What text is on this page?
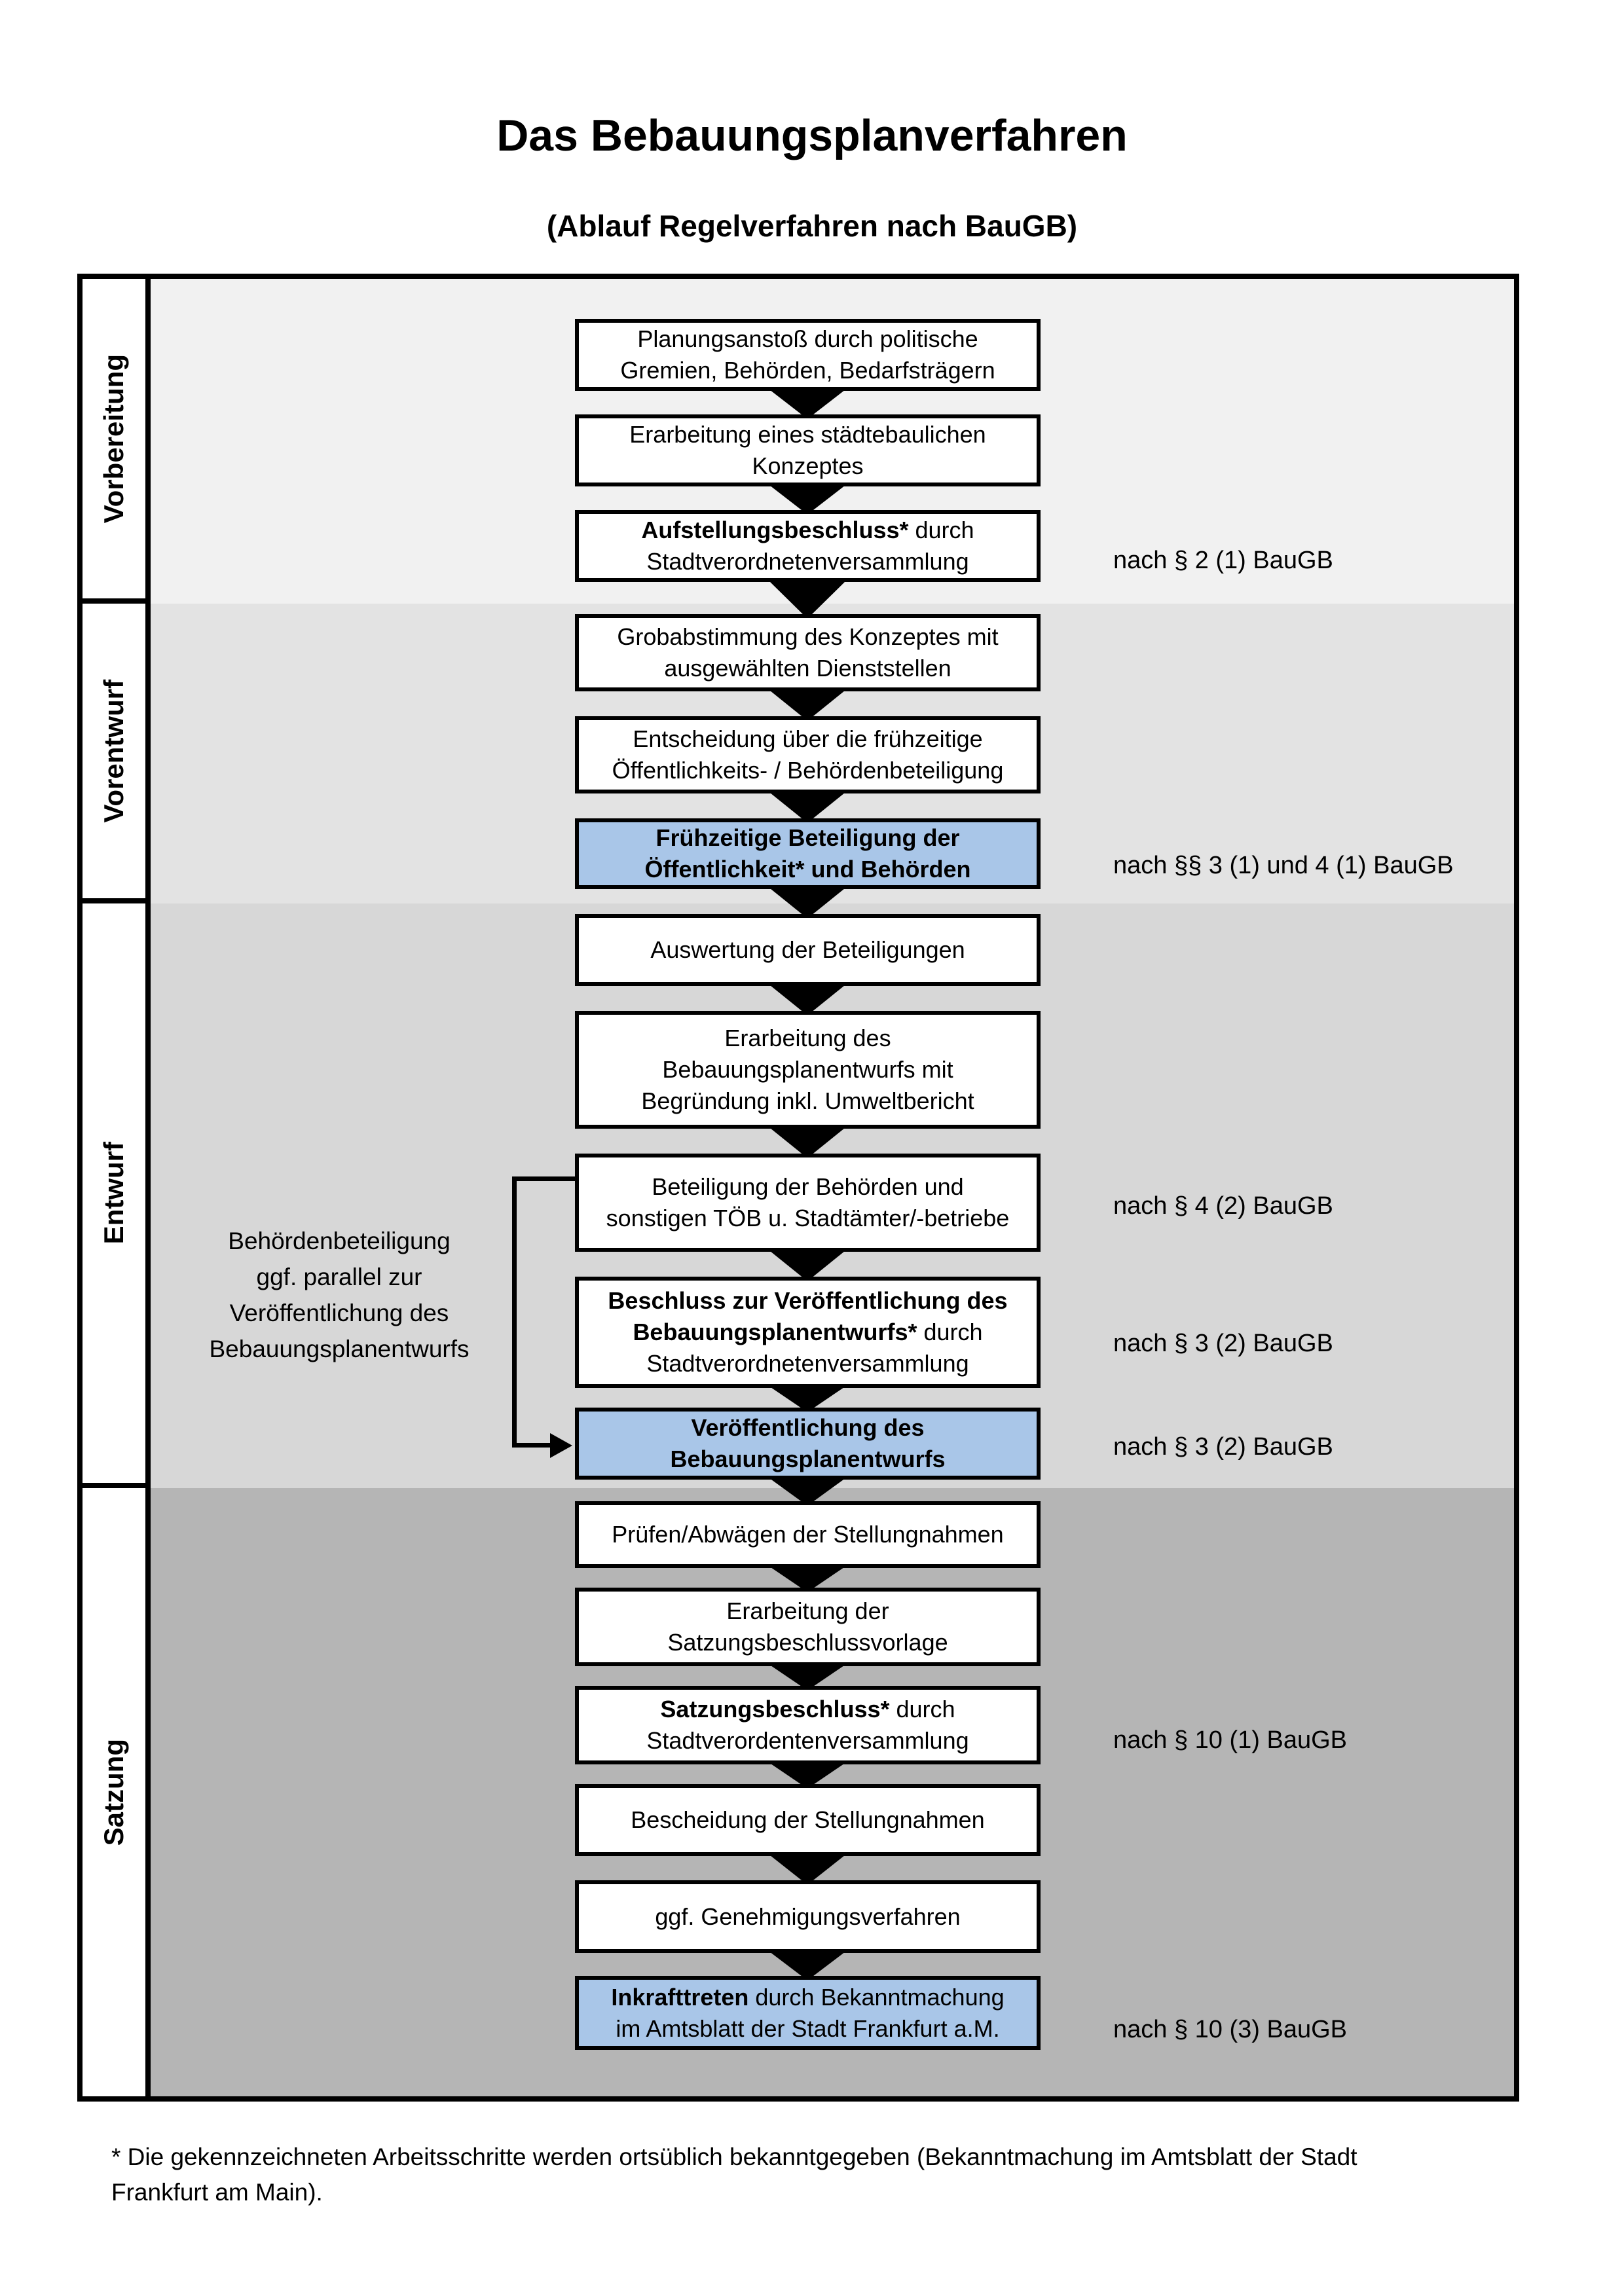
Das Bebauungsplanverfahren
(Ablauf Regelverfahren nach BauGB)
Behördenbeteiligung
ggf. parallel zur
Veröffentlichung des
Bebauungsplanentwurfs
* Die gekennzeichneten Arbeitsschritte werden ortsüblich bekanntgegeben (Bekanntmachung im Amtsblatt der Stadt
Frankfurt am Main).
Vorbereitung
Vorentwurf
Entwurf
Satzung
Planungsanstoß durch politische
Gremien, Behörden, Bedarfsträgern
Erarbeitung eines städtebaulichen
Konzeptes
Aufstellungsbeschluss* durch
Stadtverordnetenversammlung	nach § 2 (1) BauGB
Grobabstimmung des Konzeptes mit
ausgewählten Dienststellen
Entscheidung über die frühzeitige
Öffentlichkeits- / Behördenbeteiligung
Frühzeitige Beteiligung der
Öffentlichkeit* und Behörden	nach §§ 3 (1) und 4 (1) BauGB
Auswertung der Beteiligungen
Erarbeitung des
Bebauungsplanentwurfs mit
Begründung inkl. Umweltbericht
Beteiligung der Behörden und
sonstigen TÖB u. Stadtämter/-betriebe	nach § 4 (2) BauGB
Beschluss zur Veröffentlichung des
Bebauungsplanentwurfs* durch
Stadtverordnetenversammlung
nach § 3 (2) BauGB
Veröffentlichung des
Bebauungsplanentwurfs	nach § 3 (2) BauGB
Prüfen/Abwägen der Stellungnahmen
Erarbeitung der
Satzungsbeschlussvorlage
Satzungsbeschluss* durch
Stadtverordentenversammlung	nach § 10 (1) BauGB
Bescheidung der Stellungnahmen
ggf. Genehmigungsverfahren
Inkrafttreten durch Bekanntmachung
im Amtsblatt der Stadt Frankfurt a.M.	nach § 10 (3) BauGB
